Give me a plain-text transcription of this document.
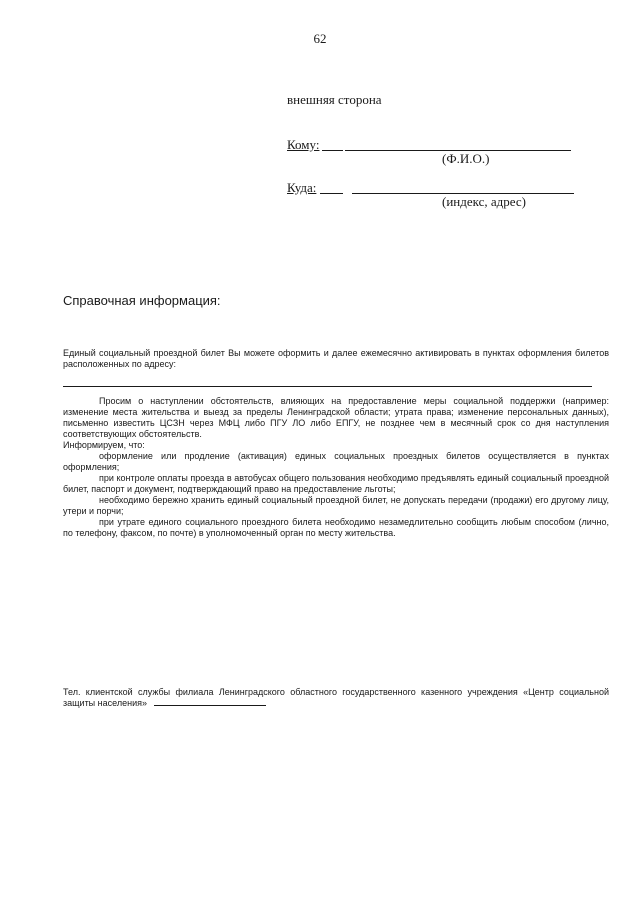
62
внешняя сторона
Кому:
(Ф.И.О.)
Куда:
(индекс, адрес)
Справочная информация:

Единый социальный проездной билет Вы можете оформить и далее ежемесячно активировать в пунктах оформления билетов расположенных по адресу:

Просим о наступлении обстоятельств, влияющих на предоставление меры социальной поддержки (например: изменение места жительства и выезд за пределы Ленинградской области; утрата права; изменение персональных данных), письменно известить ЦСЗН через МФЦ либо ПГУ ЛО либо ЕПГУ, не позднее чем в месячный срок со дня наступления соответствующих обстоятельств.

Информируем, что:

оформление или продление (активация) единых социальных проездных билетов осуществляется в пунктах оформления;

при контроле оплаты проезда в автобусах общего пользования необходимо предъявлять единый социальный проездной билет, паспорт и документ, подтверждающий право на предоставление льготы;

необходимо бережно хранить единый социальный проездной билет, не допускать передачи (продажи) его другому лицу, утери и порчи;

при утрате единого социального проездного билета необходимо незамедлительно сообщить любым способом (лично, по телефону, факсом, по почте) в уполномоченный орган по месту жительства.

Тел. клиентской службы филиала Ленинградского областного государственного казенного учреждения «Центр социальной защиты населения»
